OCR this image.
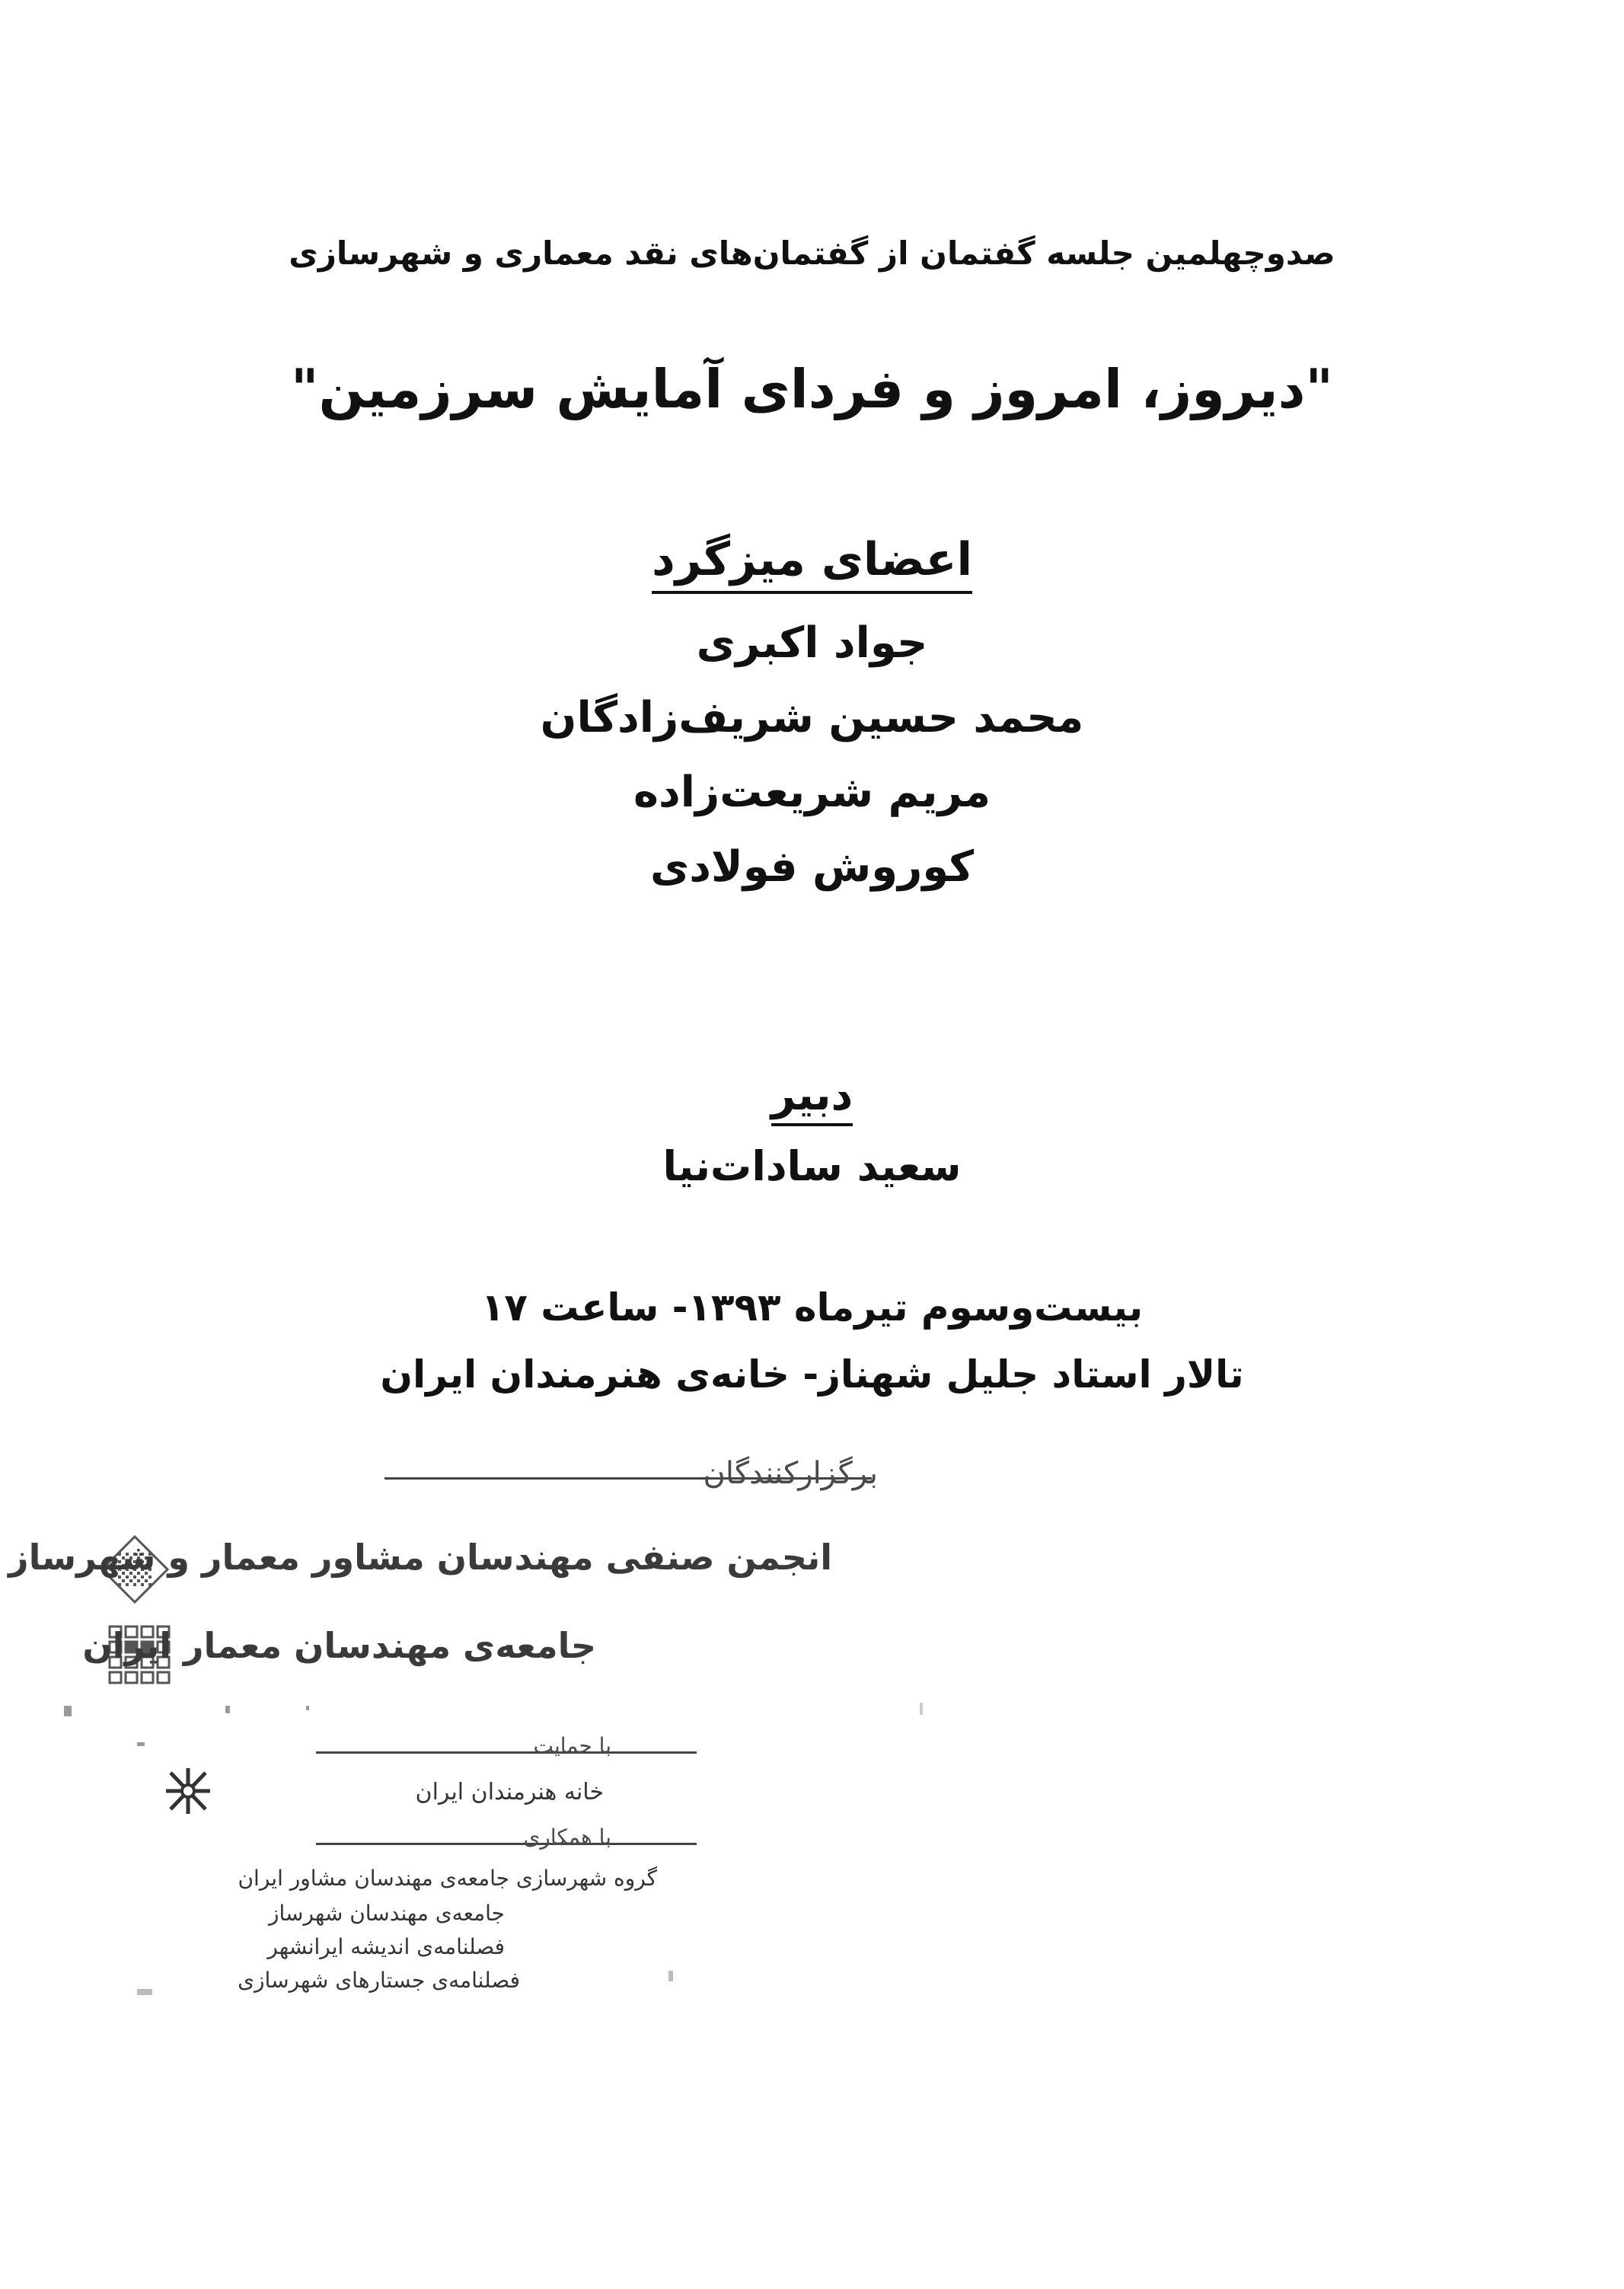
صدوچهلمین جلسه گفتمان از گفتمان‌های نقد معماری و شهرسازی
"دیروز، امروز و فردای آمایش سرزمین"
اعضای میزگرد
جواد اکبری
محمد حسین شریف‌زادگان
مریم شریعت‌زاده
کوروش فولادی
دبیر
سعید سادات‌نیا
بیست‌وسوم تیرماه ۱۳۹۳- ساعت ۱۷
تالار استاد جلیل شهناز- خانه‌ی هنرمندان ایران
برگزارکنندگان
انجمن صنفی مهندسان مشاور معمار و شهرساز
جامعه‌ی مهندسان معمار ایران
با حمایت
خانه هنرمندان ایران
با همکاری
گروه شهرسازی جامعه‌ی مهندسان مشاور ایران
جامعه‌ی مهندسان شهرساز
فصلنامه‌ی اندیشه ایرانشهر
فصلنامه‌ی جستارهای شهرسازی
